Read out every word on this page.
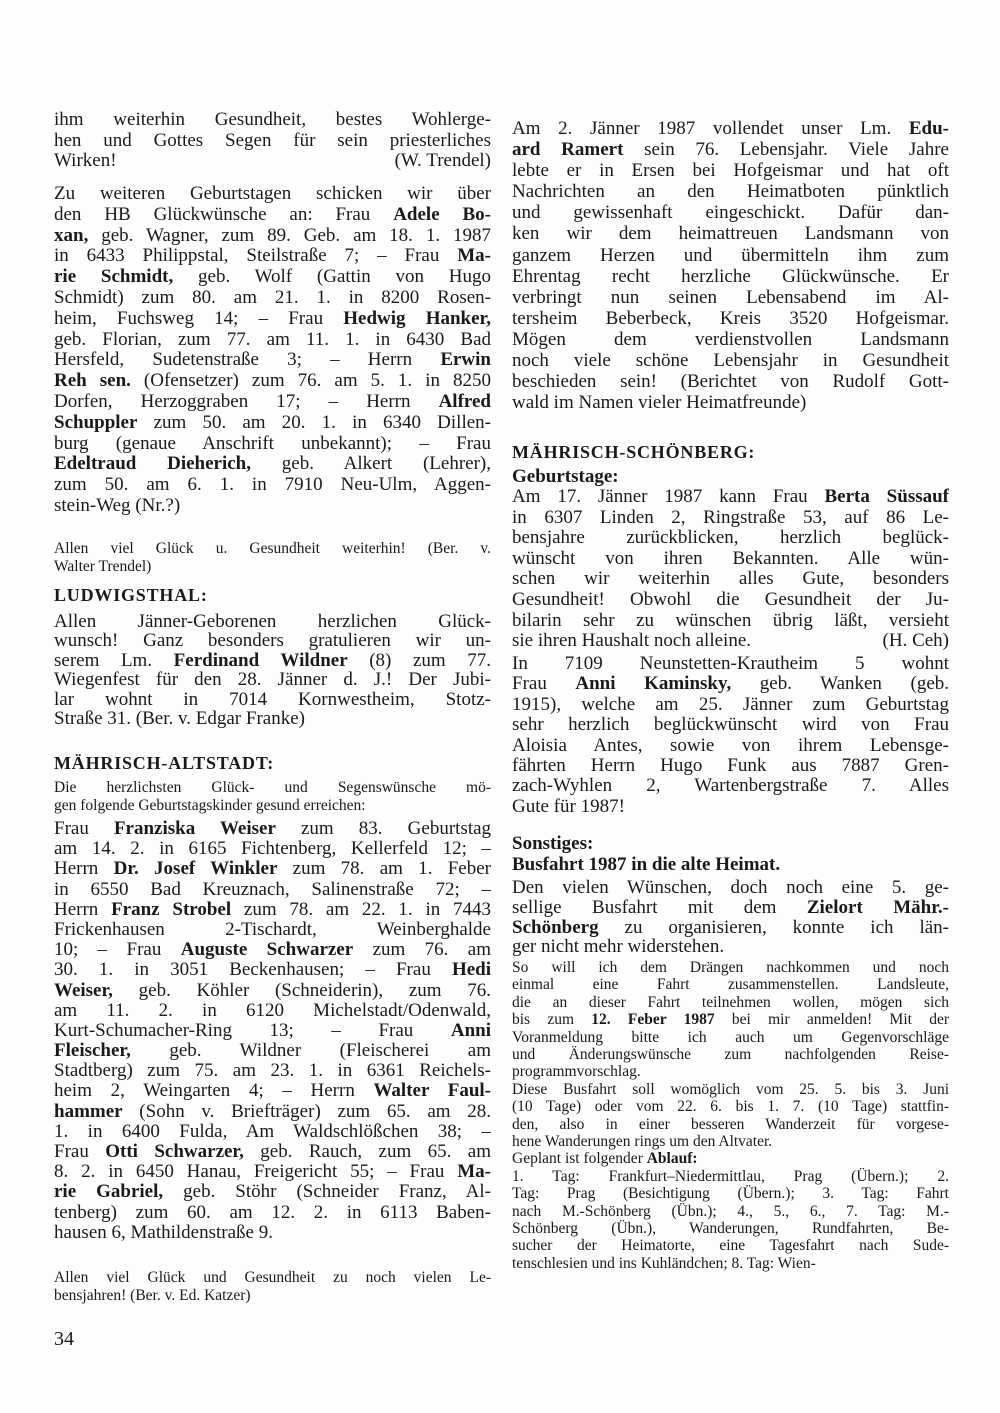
ihm weiterhin Gesundheit, bestes Wohlerge-
hen und Gottes Segen für sein priesterliches
Wirken!	(W. Trendel)
Zu weiteren Geburtstagen schicken wir über
den HB Glückwünsche an: Frau Adele Bo-
xan, geb. Wagner, zum 89. Geb. am 18. 1. 1987
in 6433 Philippstal, Steilstraße 7; – Frau Ma-
rie Schmidt, geb. Wolf (Gattin von Hugo
Schmidt) zum 80. am 21. 1. in 8200 Rosen-
heim, Fuchsweg 14; – Frau Hedwig Hanker,
geb. Florian, zum 77. am 11. 1. in 6430 Bad
Hersfeld, Sudetenstraße 3; – Herrn Erwin
Reh sen. (Ofensetzer) zum 76. am 5. 1. in 8250
Dorfen, Herzoggraben 17; – Herrn Alfred
Schuppler zum 50. am 20. 1. in 6340 Dillen-
burg (genaue Anschrift unbekannt); – Frau
Edeltraud Dieherich, geb. Alkert (Lehrer),
zum 50. am 6. 1. in 7910 Neu-Ulm, Aggen-
stein-Weg (Nr.?)
Allen viel Glück u. Gesundheit weiterhin! (Ber. v.
Walter Trendel)
LUDWIGSTHAL:
Allen Jänner-Geborenen herzlichen Glück-
wunsch! Ganz besonders gratulieren wir un-
serem Lm. Ferdinand Wildner (8) zum 77.
Wiegenfest für den 28. Jänner d. J.! Der Jubi-
lar wohnt in 7014 Kornwestheim, Stotz-
Straße 31. (Ber. v. Edgar Franke)
MÄHRISCH-ALTSTADT:
Die herzlichsten Glück- und Segenswünsche mö-
gen folgende Geburtstagskinder gesund erreichen:
Frau Franziska Weiser zum 83. Geburtstag
am 14. 2. in 6165 Fichtenberg, Kellerfeld 12; –
Herrn Dr. Josef Winkler zum 78. am 1. Feber
in 6550 Bad Kreuznach, Salinenstraße 72; –
Herrn Franz Strobel zum 78. am 22. 1. in 7443
Frickenhausen 2-Tischardt, Weinberghalde
10; – Frau Auguste Schwarzer zum 76. am
30. 1. in 3051 Beckenhausen; – Frau Hedi
Weiser, geb. Köhler (Schneiderin), zum 76.
am 11. 2. in 6120 Michelstadt/Odenwald,
Kurt-Schumacher-Ring 13; – Frau Anni
Fleischer, geb. Wildner (Fleischerei am
Stadtberg) zum 75. am 23. 1. in 6361 Reichels-
heim 2, Weingarten 4; – Herrn Walter Faul-
hammer (Sohn v. Briefträger) zum 65. am 28.
1. in 6400 Fulda, Am Waldschlößchen 38; –
Frau Otti Schwarzer, geb. Rauch, zum 65. am
8. 2. in 6450 Hanau, Freigericht 55; – Frau Ma-
rie Gabriel, geb. Stöhr (Schneider Franz, Al-
tenberg) zum 60. am 12. 2. in 6113 Baben-
hausen 6, Mathildenstraße 9.
Allen viel Glück und Gesundheit zu noch vielen Le-
bensjahren! (Ber. v. Ed. Katzer)
Am 2. Jänner 1987 vollendet unser Lm. Edu-
ard Ramert sein 76. Lebensjahr. Viele Jahre
lebte er in Ersen bei Hofgeismar und hat oft
Nachrichten an den Heimatboten pünktlich
und gewissenhaft eingeschickt. Dafür dan-
ken wir dem heimattreuen Landsmann von
ganzem Herzen und übermitteln ihm zum
Ehrentag recht herzliche Glückwünsche. Er
verbringt nun seinen Lebensabend im Al-
tersheim Beberbeck, Kreis 3520 Hofgeismar.
Mögen dem verdienstvollen Landsmann
noch viele schöne Lebensjahr in Gesundheit
beschieden sein! (Berichtet von Rudolf Gott-
wald im Namen vieler Heimatfreunde)
MÄHRISCH-SCHÖNBERG:
Geburtstage:
Am 17. Jänner 1987 kann Frau Berta Süssauf
in 6307 Linden 2, Ringstraße 53, auf 86 Le-
bensjahre zurückblicken, herzlich beglück-
wünscht von ihren Bekannten. Alle wün-
schen wir weiterhin alles Gute, besonders
Gesundheit! Obwohl die Gesundheit der Ju-
bilarin sehr zu wünschen übrig läßt, versieht
sie ihren Haushalt noch alleine.	(H. Ceh)
In 7109 Neunstetten-Krautheim 5 wohnt
Frau Anni Kaminsky, geb. Wanken (geb.
1915), welche am 25. Jänner zum Geburtstag
sehr herzlich beglückwünscht wird von Frau
Aloisia Antes, sowie von ihrem Lebensge-
fährten Herrn Hugo Funk aus 7887 Gren-
zach-Wyhlen 2, Wartenbergstraße 7. Alles
Gute für 1987!
Sonstiges:
Busfahrt 1987 in die alte Heimat.
Den vielen Wünschen, doch noch eine 5. ge-
sellige Busfahrt mit dem Zielort Mähr.-
Schönberg zu organisieren, konnte ich län-
ger nicht mehr widerstehen.
So will ich dem Drängen nachkommen und noch
einmal eine Fahrt zusammenstellen. Landsleute,
die an dieser Fahrt teilnehmen wollen, mögen sich
bis zum 12. Feber 1987 bei mir anmelden! Mit der
Voranmeldung bitte ich auch um Gegenvorschläge
und Änderungswünsche zum nachfolgenden Reise-
programmvorschlag.
Diese Busfahrt soll womöglich vom 25. 5. bis 3. Juni
(10 Tage) oder vom 22. 6. bis 1. 7. (10 Tage) stattfin-
den, also in einer besseren Wanderzeit für vorgese-
hene Wanderungen rings um den Altvater.
Geplant ist folgender Ablauf:
1. Tag: Frankfurt–Niedermittlau, Prag (Übern.); 2.
Tag: Prag (Besichtigung (Übern.); 3. Tag: Fahrt
nach M.-Schönberg (Übn.); 4., 5., 6., 7. Tag: M.-
Schönberg (Übn.), Wanderungen, Rundfahrten, Be-
sucher der Heimatorte, eine Tagesfahrt nach Sude-
tenschlesien und ins Kuhländchen; 8. Tag: Wien-
34
